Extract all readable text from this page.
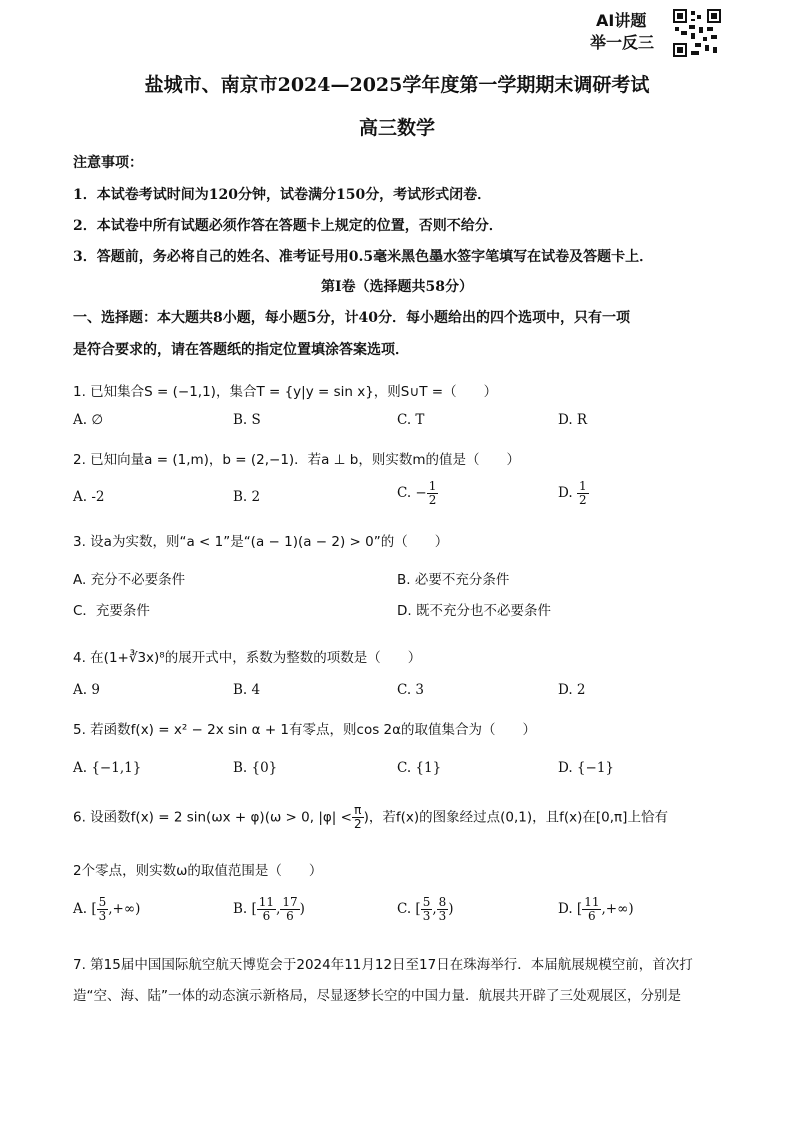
AI讲题
举一反三
盐城市、南京市2024—2025学年度第一学期期末调研考试
高三数学
注意事项：
1．本试卷考试时间为120分钟，试卷满分150分，考试形式闭卷．
2．本试卷中所有试题必须作答在答题卡上规定的位置，否则不给分．
3．答题前，务必将自己的姓名、准考证号用0.5毫米黑色墨水签字笔填写在试卷及答题卡上．
第Ⅰ卷（选择题共58分）
一、选择题：本大题共8小题，每小题5分，计40分．每小题给出的四个选项中，只有一项
是符合要求的，请在答题纸的指定位置填涂答案选项．
1. 已知集合S = (−1,1)，集合T = {y|y = sin x}，则S∪T =（　　）
A. ∅	B. S	C. T	D. R
2. 已知向量a = (1,m)，b = (2,−1)．若a ⊥ b，则实数m的值是（　　）
A. -2	B. 2	C. − $\frac{1}{2}$	D. $\frac{1}{2}$
3. 设a为实数，则“a < 1”是“(a − 1)(a − 2) > 0”的（　　）
A. 充分不必要条件	B. 必要不充分条件
C．充要条件	D. 既不充分也不必要条件
4. 在(1+∛3x)⁸的展开式中，系数为整数的项数是（　　）
A. 9	B. 4	C. 3	D. 2
5. 若函数f(x) = x² − 2x sin α + 1有零点，则cos 2α的取值集合为（　　）
A. {−1,1}	B. {0}	C. {1}	D. {−1}
6. 设函数f(x) = 2 sin(ωx + φ)(ω > 0, $|\varphi| < \frac{\pi}{2}$ )，若f(x)的图象经过点(0,1)，且f(x)在[0,π]上恰有
2个零点，则实数ω的取值范围是（　　）
A. [ $\frac{5}{3}$ ,+∞)	B. [ $\frac{11}{6}$ , $\frac{17}{6}$ )	C. [ $\frac{5}{3}$ , $\frac{8}{3}$ )	D. [ $\frac{11}{6}$ ,+∞)
7. 第15届中国国际航空航天博览会于2024年11月12日至17日在珠海举行．本届航展规模空前，首次打
造“空、海、陆”一体的动态演示新格局，尽显逐梦长空的中国力量．航展共开辟了三处观展区，分别是
